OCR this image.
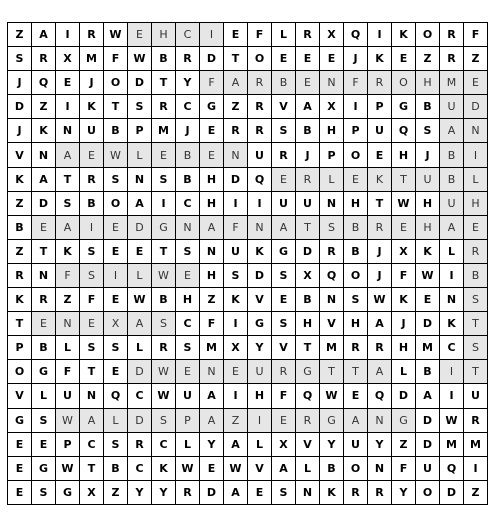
Z	A	I	R	W	E	H	C	I	E	F	L	R	X	Q	I	K	O	R	F
S	R	X	M	F	W	B	R	D	T	O	E	E	E	J	K	E	Z	R	Z
J	Q	E	J	O	D	T	Y	F	A	R	B	E	N	F	R	O	H	M	E
D	Z	I	K	T	S	R	C	G	Z	R	V	A	X	I	P	G	B	U	D
J	K	N	U	B	P	M	J	E	R	R	S	B	H	P	U	Q	S	A	N
V	N	A	E	W	L	E	B	E	N	U	R	J	P	O	E	H	J	B	I
K	A	T	R	S	N	S	B	H	D	Q	E	R	L	E	K	T	U	B	L
Z	D	S	B	O	A	I	C	H	I	I	U	U	N	H	T	W	H	U	H
B	E	A	I	E	D	G	N	A	F	N	A	T	S	B	R	E	H	A	E
Z	T	K	S	E	E	T	S	N	U	K	G	D	R	B	J	X	K	L	R
R	N	F	S	I	L	W	E	H	S	D	S	X	Q	O	J	F	W	I	B
K	R	Z	F	E	W	B	H	Z	K	V	E	B	N	S	W	K	E	N	S
T	E	N	E	X	A	S	C	F	I	G	S	H	V	H	A	J	D	K	T
P	B	L	S	S	L	R	S	M	X	Y	V	T	M	R	R	H	M	C	S
O	G	F	T	E	D	W	E	N	E	U	R	G	T	T	A	L	B	I	T
V	L	U	N	Q	C	W	U	A	I	H	F	Q	W	E	Q	D	A	I	U
G	S	W	A	L	D	S	P	A	Z	I	E	R	G	A	N	G	D	W	R
E	E	P	C	S	R	C	L	Y	A	L	X	V	Y	U	Y	Z	D	M	M
E	G	W	T	B	C	K	W	E	W	V	A	L	B	O	N	F	U	Q	I
E	S	G	X	Z	Y	Y	R	D	A	E	S	N	K	R	R	Y	O	D	Z
